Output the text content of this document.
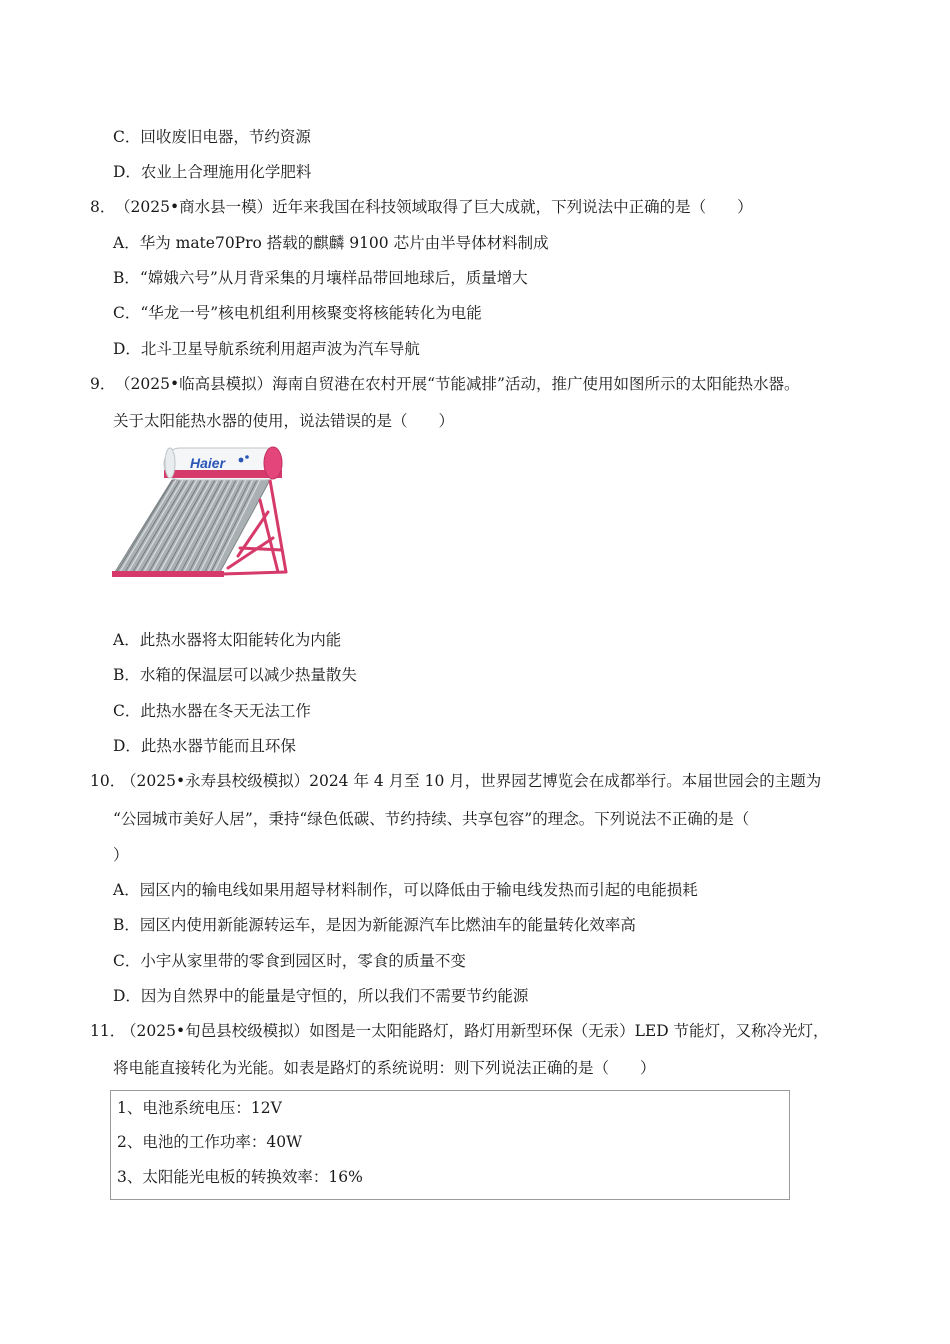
C．回收废旧电器，节约资源
D．农业上合理施用化学肥料
8． （2025•商水县一模）近年来我国在科技领域取得了巨大成就，下列说法中正确的是（　　）
A．华为 mate70Pro 搭载的麒麟 9100 芯片由半导体材料制成
B．“嫦娥六号”从月背采集的月壤样品带回地球后，质量增大
C．“华龙一号”核电机组利用核聚变将核能转化为电能
D．北斗卫星导航系统利用超声波为汽车导航
9． （2025•临高县模拟）海南自贸港在农村开展“节能减排”活动，推广使用如图所示的太阳能热水器。
关于太阳能热水器的使用，说法错误的是（　　）
Haier
A．此热水器将太阳能转化为内能
B．水箱的保温层可以减少热量散失
C．此热水器在冬天无法工作
D．此热水器节能而且环保
10．
（2025•永寿县校级模拟）2024 年 4 月至 10 月，世界园艺博览会在成都举行。本届世园会的主题为
“公园城市美好人居”，秉持“绿色低碳、节约持续、共享包容”的理念。下列说法不正确的是（
）
A．园区内的输电线如果用超导材料制作，可以降低由于输电线发热而引起的电能损耗
B．园区内使用新能源转运车，是因为新能源汽车比燃油车的能量转化效率高
C．小宇从家里带的零食到园区时，零食的质量不变
D．因为自然界中的能量是守恒的，所以我们不需要节约能源
11．
（2025•旬邑县校级模拟）如图是一太阳能路灯，路灯用新型环保（无汞）LED 节能灯，又称冷光灯，
将电能直接转化为光能。如表是路灯的系统说明：则下列说法正确的是（　　）
1、电池系统电压：12V
2、电池的工作功率：40W
3、太阳能光电板的转换效率：16%
